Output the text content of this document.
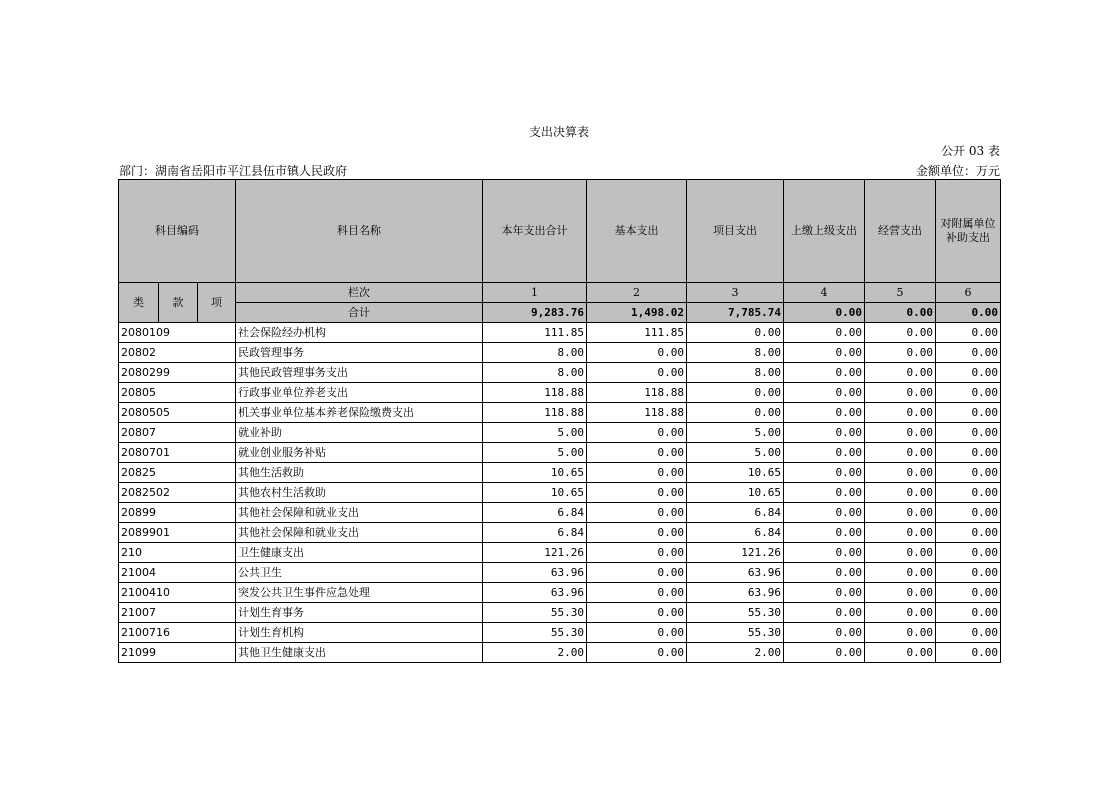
支出决算表
公开 03 表
部门：湖南省岳阳市平江县伍市镇人民政府	金额单位：万元
科目编码			科目名称	本年支出合计	基本支出	项目支出	上缴上级支出	经营支出	对附属单位
补助支出
类	款	项	栏次	1	2	3	4	5	6
			合计	9,283.76	1,498.02	7,785.74	0.00	0.00	0.00
2080109			社会保险经办机构	111.85	111.85	0.00	0.00	0.00	0.00
20802			民政管理事务	8.00	0.00	8.00	0.00	0.00	0.00
2080299			其他民政管理事务支出	8.00	0.00	8.00	0.00	0.00	0.00
20805			行政事业单位养老支出	118.88	118.88	0.00	0.00	0.00	0.00
2080505			机关事业单位基本养老保险缴费支出	118.88	118.88	0.00	0.00	0.00	0.00
20807			就业补助	5.00	0.00	5.00	0.00	0.00	0.00
2080701			就业创业服务补贴	5.00	0.00	5.00	0.00	0.00	0.00
20825			其他生活救助	10.65	0.00	10.65	0.00	0.00	0.00
2082502			其他农村生活救助	10.65	0.00	10.65	0.00	0.00	0.00
20899			其他社会保障和就业支出	6.84	0.00	6.84	0.00	0.00	0.00
2089901			其他社会保障和就业支出	6.84	0.00	6.84	0.00	0.00	0.00
210			卫生健康支出	121.26	0.00	121.26	0.00	0.00	0.00
21004			公共卫生	63.96	0.00	63.96	0.00	0.00	0.00
2100410			突发公共卫生事件应急处理	63.96	0.00	63.96	0.00	0.00	0.00
21007			计划生育事务	55.30	0.00	55.30	0.00	0.00	0.00
2100716			计划生育机构	55.30	0.00	55.30	0.00	0.00	0.00
21099			其他卫生健康支出	2.00	0.00	2.00	0.00	0.00	0.00
